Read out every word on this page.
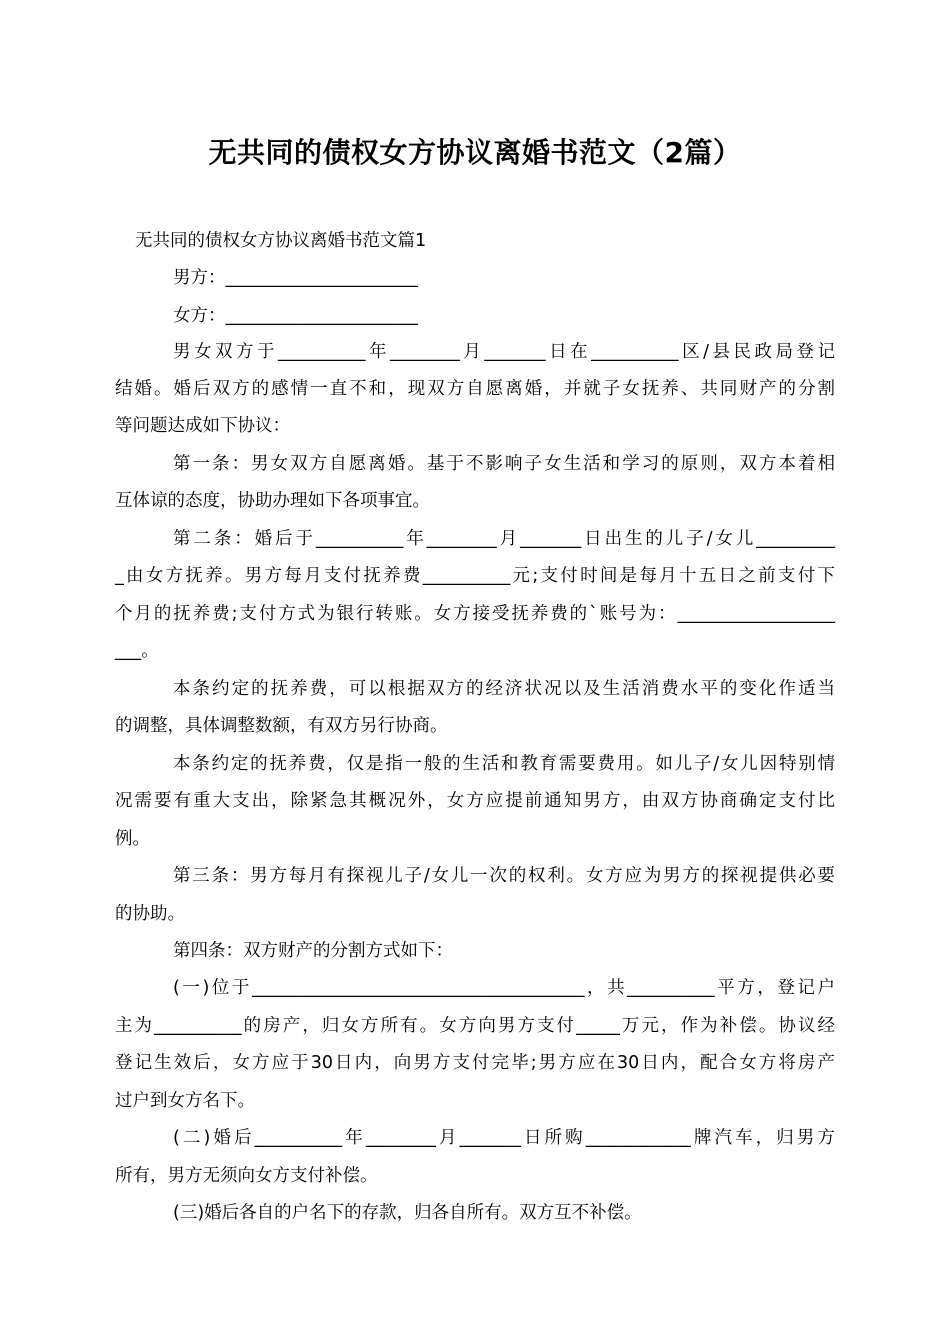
无共同的债权女方协议离婚书范文（2篇）
无共同的债权女方协议离婚书范文篇1
男方：______________________
女方：______________________
男女双方于__________年________月_______日在__________区/县民政局登记
结婚。婚后双方的感情一直不和，现双方自愿离婚，并就子女抚养、共同财产的分割
等问题达成如下协议：
第一条：男女双方自愿离婚。基于不影响子女生活和学习的原则，双方本着相
互体谅的态度，协助办理如下各项事宜。
第二条：婚后于__________年________月_______日出生的儿子/女儿_________
_由女方抚养。男方每月支付抚养费__________元;支付时间是每月十五日之前支付下
个月的抚养费;支付方式为银行转账。女方接受抚养费的`账号为：__________________
___。
本条约定的抚养费，可以根据双方的经济状况以及生活消费水平的变化作适当
的调整，具体调整数额，有双方另行协商。
本条约定的抚养费，仅是指一般的生活和教育需要费用。如儿子/女儿因特别情
况需要有重大支出，除紧急其概况外，女方应提前通知男方，由双方协商确定支付比
例。
第三条：男方每月有探视儿子/女儿一次的权利。女方应为男方的探视提供必要
的协助。
第四条：双方财产的分割方式如下：
(一)位于______________________________________，共__________平方，登记户
主为__________的房产，归女方所有。女方向男方支付_____万元，作为补偿。协议经
登记生效后，女方应于30日内，向男方支付完毕;男方应在30日内，配合女方将房产
过户到女方名下。
(二)婚后__________年________月_______日所购____________牌汽车，归男方
所有，男方无须向女方支付补偿。
(三)婚后各自的户名下的存款，归各自所有。双方互不补偿。
